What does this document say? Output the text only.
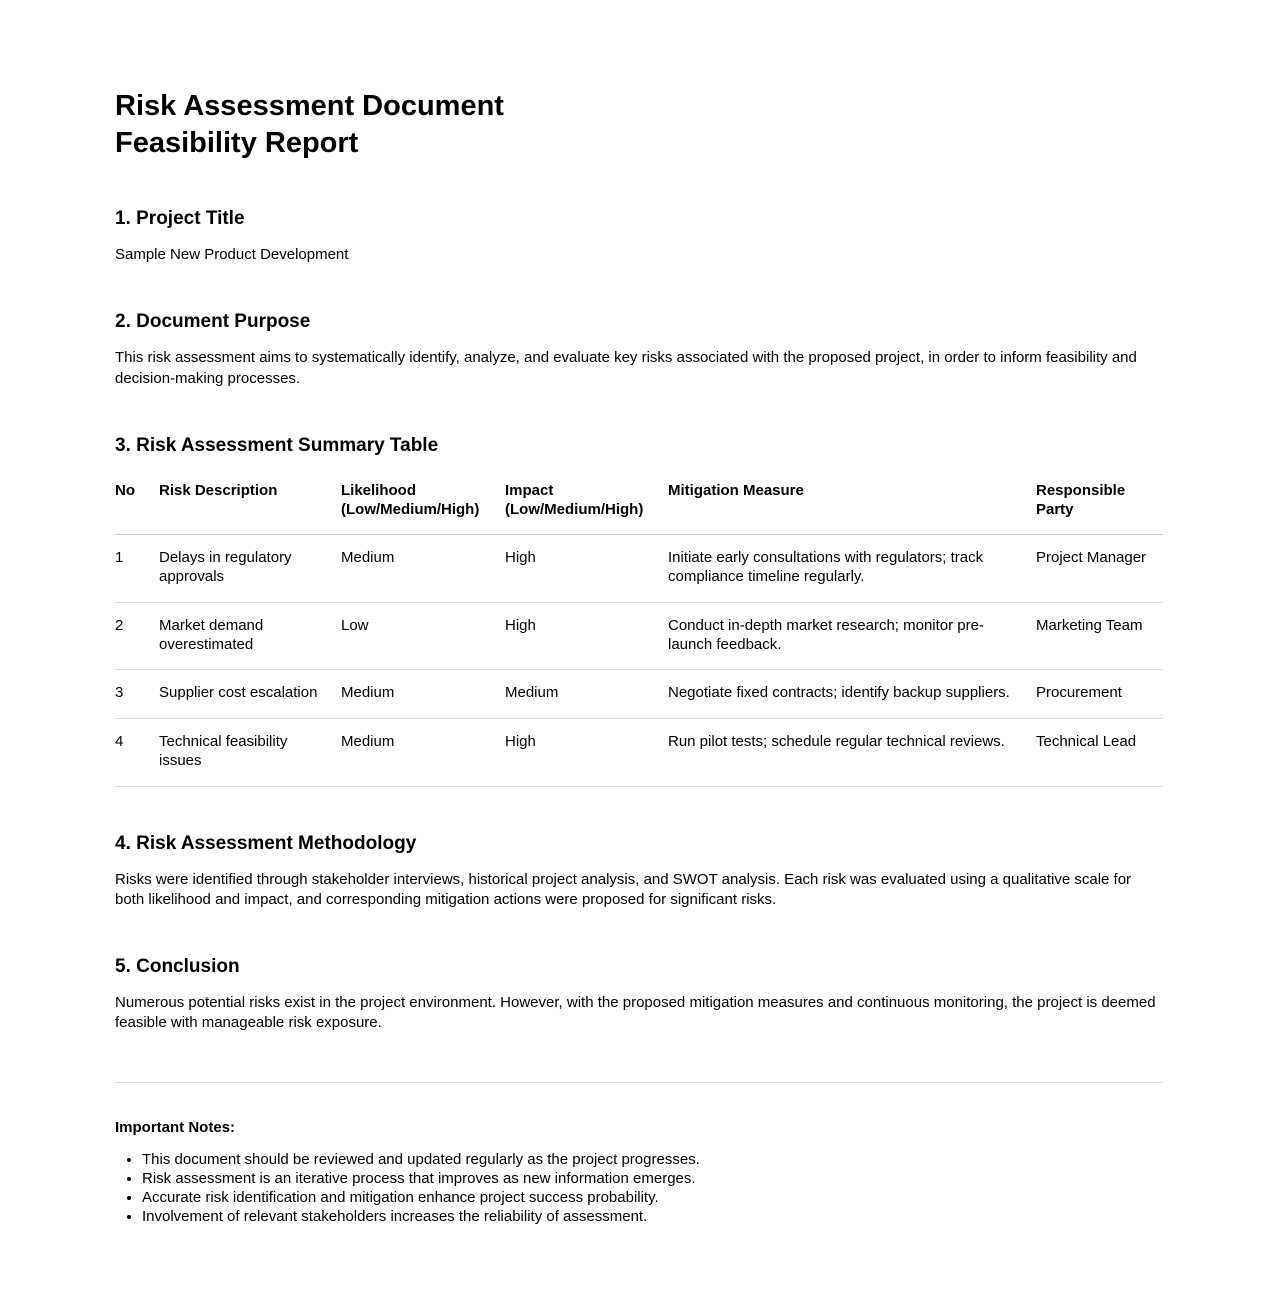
Risk Assessment Document
Feasibility Report
1. Project Title

Sample New Product Development

2. Document Purpose

This risk assessment aims to systematically identify, analyze, and evaluate key risks associated with the proposed project, in order to inform feasibility and decision-making processes.

3. Risk Assessment Summary Table
No	Risk Description	Likelihood (Low/Medium/High)	Impact (Low/Medium/High)	Mitigation Measure	Responsible Party
1	Delays in regulatory approvals	Medium	High	Initiate early consultations with regulators; track compliance timeline regularly.	Project Manager
2	Market demand overestimated	Low	High	Conduct in-depth market research; monitor pre-launch feedback.	Marketing Team
3	Supplier cost escalation	Medium	Medium	Negotiate fixed contracts; identify backup suppliers.	Procurement
4	Technical feasibility issues	Medium	High	Run pilot tests; schedule regular technical reviews.	Technical Lead
4. Risk Assessment Methodology

Risks were identified through stakeholder interviews, historical project analysis, and SWOT analysis. Each risk was evaluated using a qualitative scale for both likelihood and impact, and corresponding mitigation actions were proposed for significant risks.

5. Conclusion

Numerous potential risks exist in the project environment. However, with the proposed mitigation measures and continuous monitoring, the project is deemed feasible with manageable risk exposure.

Important Notes:

• This document should be reviewed and updated regularly as the project progresses.
• Risk assessment is an iterative process that improves as new information emerges.
• Accurate risk identification and mitigation enhance project success probability.
• Involvement of relevant stakeholders increases the reliability of assessment.
